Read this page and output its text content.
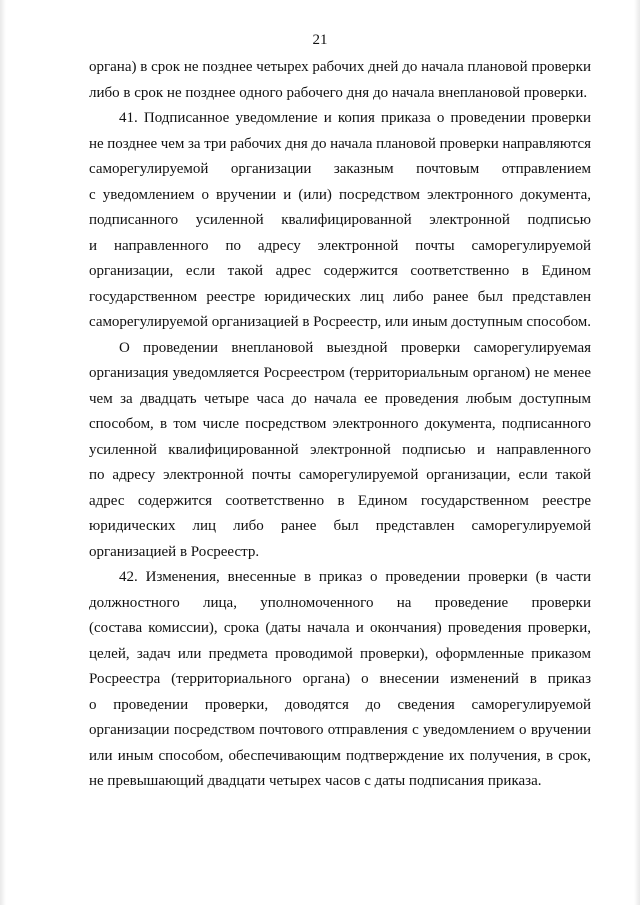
21
органа) в срок не позднее четырех рабочих дней до начала плановой проверки
либо в срок не позднее одного рабочего дня до начала внеплановой проверки.
41. Подписанное уведомление и копия приказа о проведении проверки
не позднее чем за три рабочих дня до начала плановой проверки направляются
саморегулируемой организации заказным почтовым отправлением
с уведомлением о вручении и (или) посредством электронного документа,
подписанного усиленной квалифицированной электронной подписью
и направленного по адресу электронной почты саморегулируемой
организации, если такой адрес содержится соответственно в Едином
государственном реестре юридических лиц либо ранее был представлен
саморегулируемой организацией в Росреестр, или иным доступным способом.
О проведении внеплановой выездной проверки саморегулируемая
организация уведомляется Росреестром (территориальным органом) не менее
чем за двадцать четыре часа до начала ее проведения любым доступным
способом, в том числе посредством электронного документа, подписанного
усиленной квалифицированной электронной подписью и направленного
по адресу электронной почты саморегулируемой организации, если такой
адрес содержится соответственно в Едином государственном реестре
юридических лиц либо ранее был представлен саморегулируемой
организацией в Росреестр.
42. Изменения, внесенные в приказ о проведении проверки (в части
должностного лица, уполномоченного на проведение проверки
(состава комиссии), срока (даты начала и окончания) проведения проверки,
целей, задач или предмета проводимой проверки), оформленные приказом
Росреестра (территориального органа) о внесении изменений в приказ
о проведении проверки, доводятся до сведения саморегулируемой
организации посредством почтового отправления с уведомлением о вручении
или иным способом, обеспечивающим подтверждение их получения, в срок,
не превышающий двадцати четырех часов с даты подписания приказа.
